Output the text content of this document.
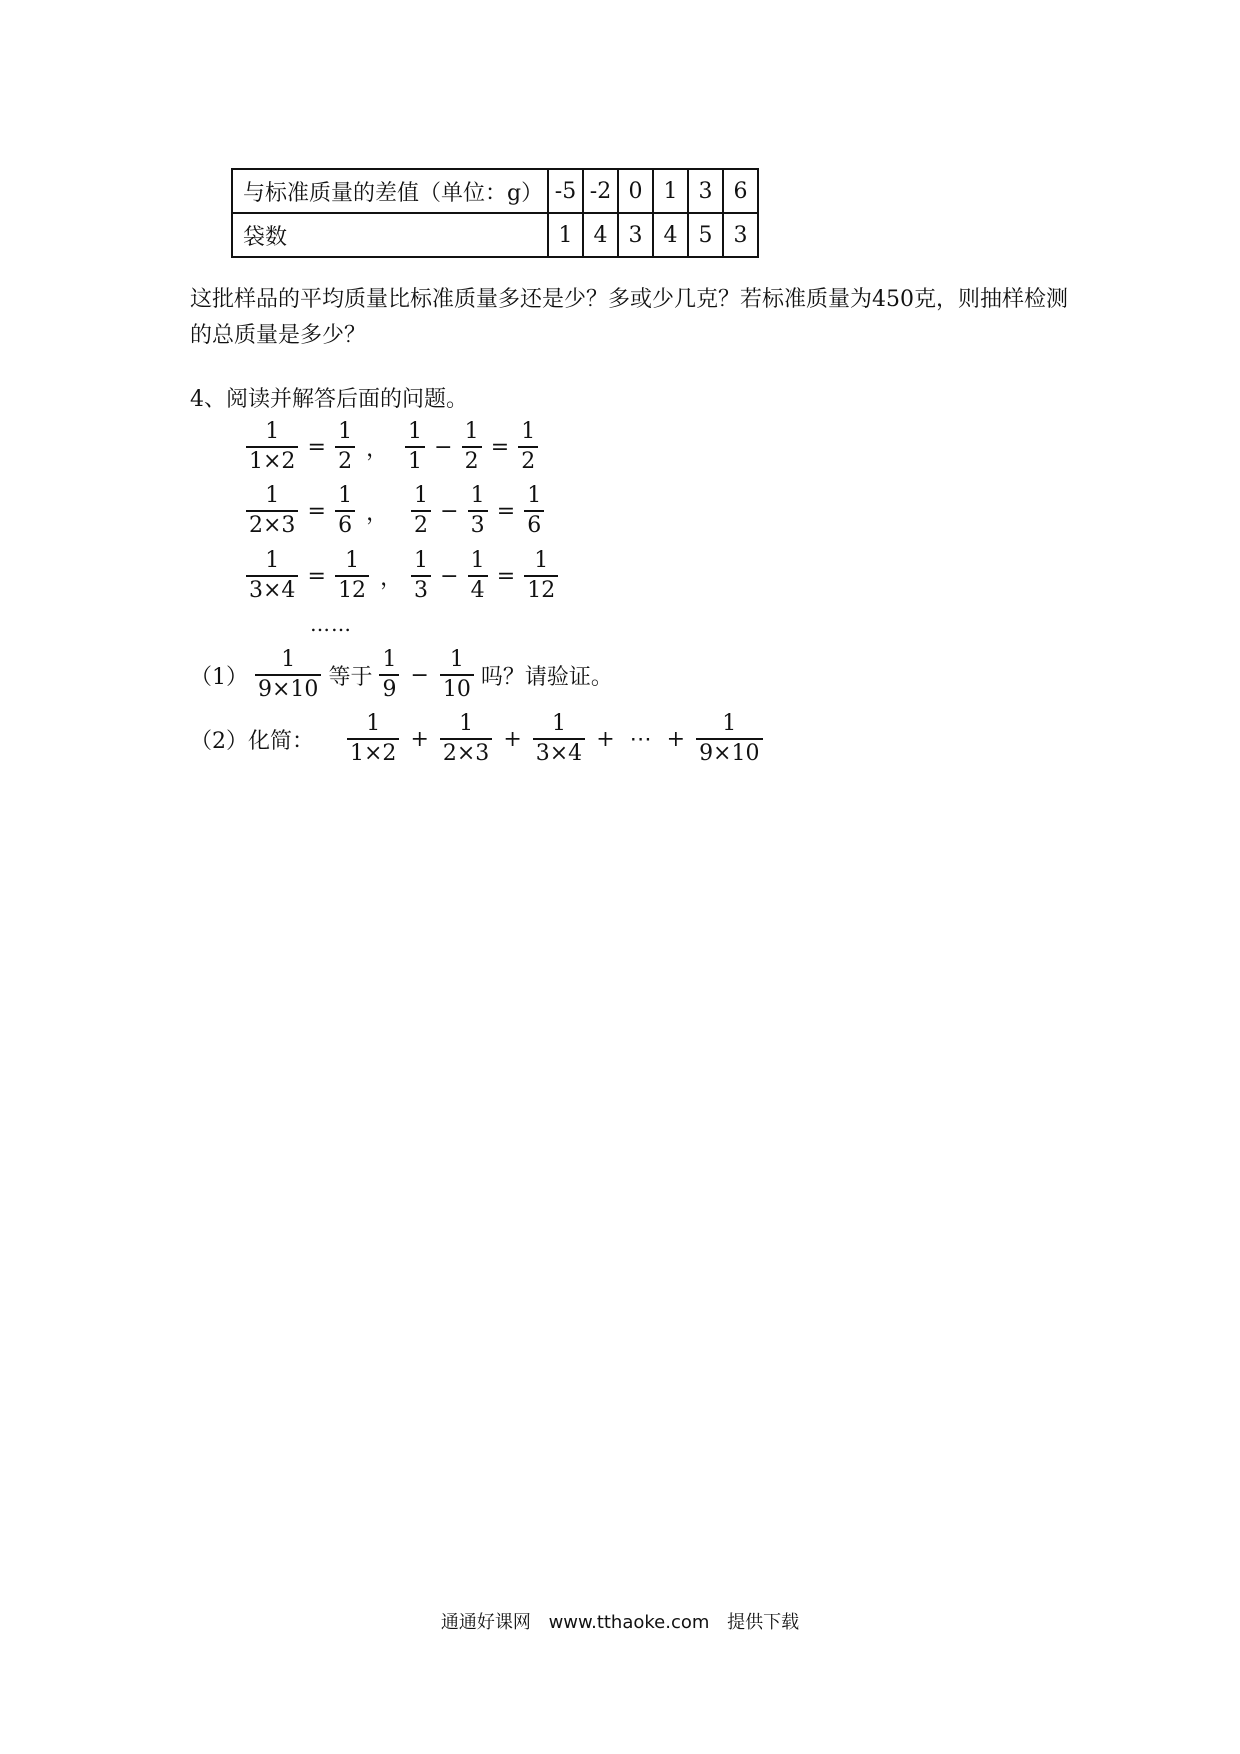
与标准质量的差值（单位：g）	-5	-2	0	1	3	6
袋数	1	4	3	4	5	3
这批样品的平均质量比标准质量多还是少？多或少几克？若标准质量为450克，则抽样检测
的总质量是多少？
4、阅读并解答后面的问题。
$\frac{1}{1\times 2} = \frac{1}{2}$ ， $\frac{1}{1} - \frac{1}{2} = \frac{1}{2}$
$\frac{1}{2\times 3} = \frac{1}{6}$ ， $\frac{1}{2} - \frac{1}{3} = \frac{1}{6}$
$\frac{1}{3\times 4} = \frac{1}{12}$ ， $\frac{1}{3} - \frac{1}{4} = \frac{1}{12}$
……
$(1) \frac{1}{9\times 10}$ 等于 $\frac{1}{9} - \frac{1}{10}$ 吗？请验证。
（2）化简： $\frac{1}{1\times 2} + \frac{1}{2\times 3} + \frac{1}{3\times 4}$ + ⋯ + $\frac{1}{9\times 10}$
通通好课网 www.tthaoke.com 提供下载
